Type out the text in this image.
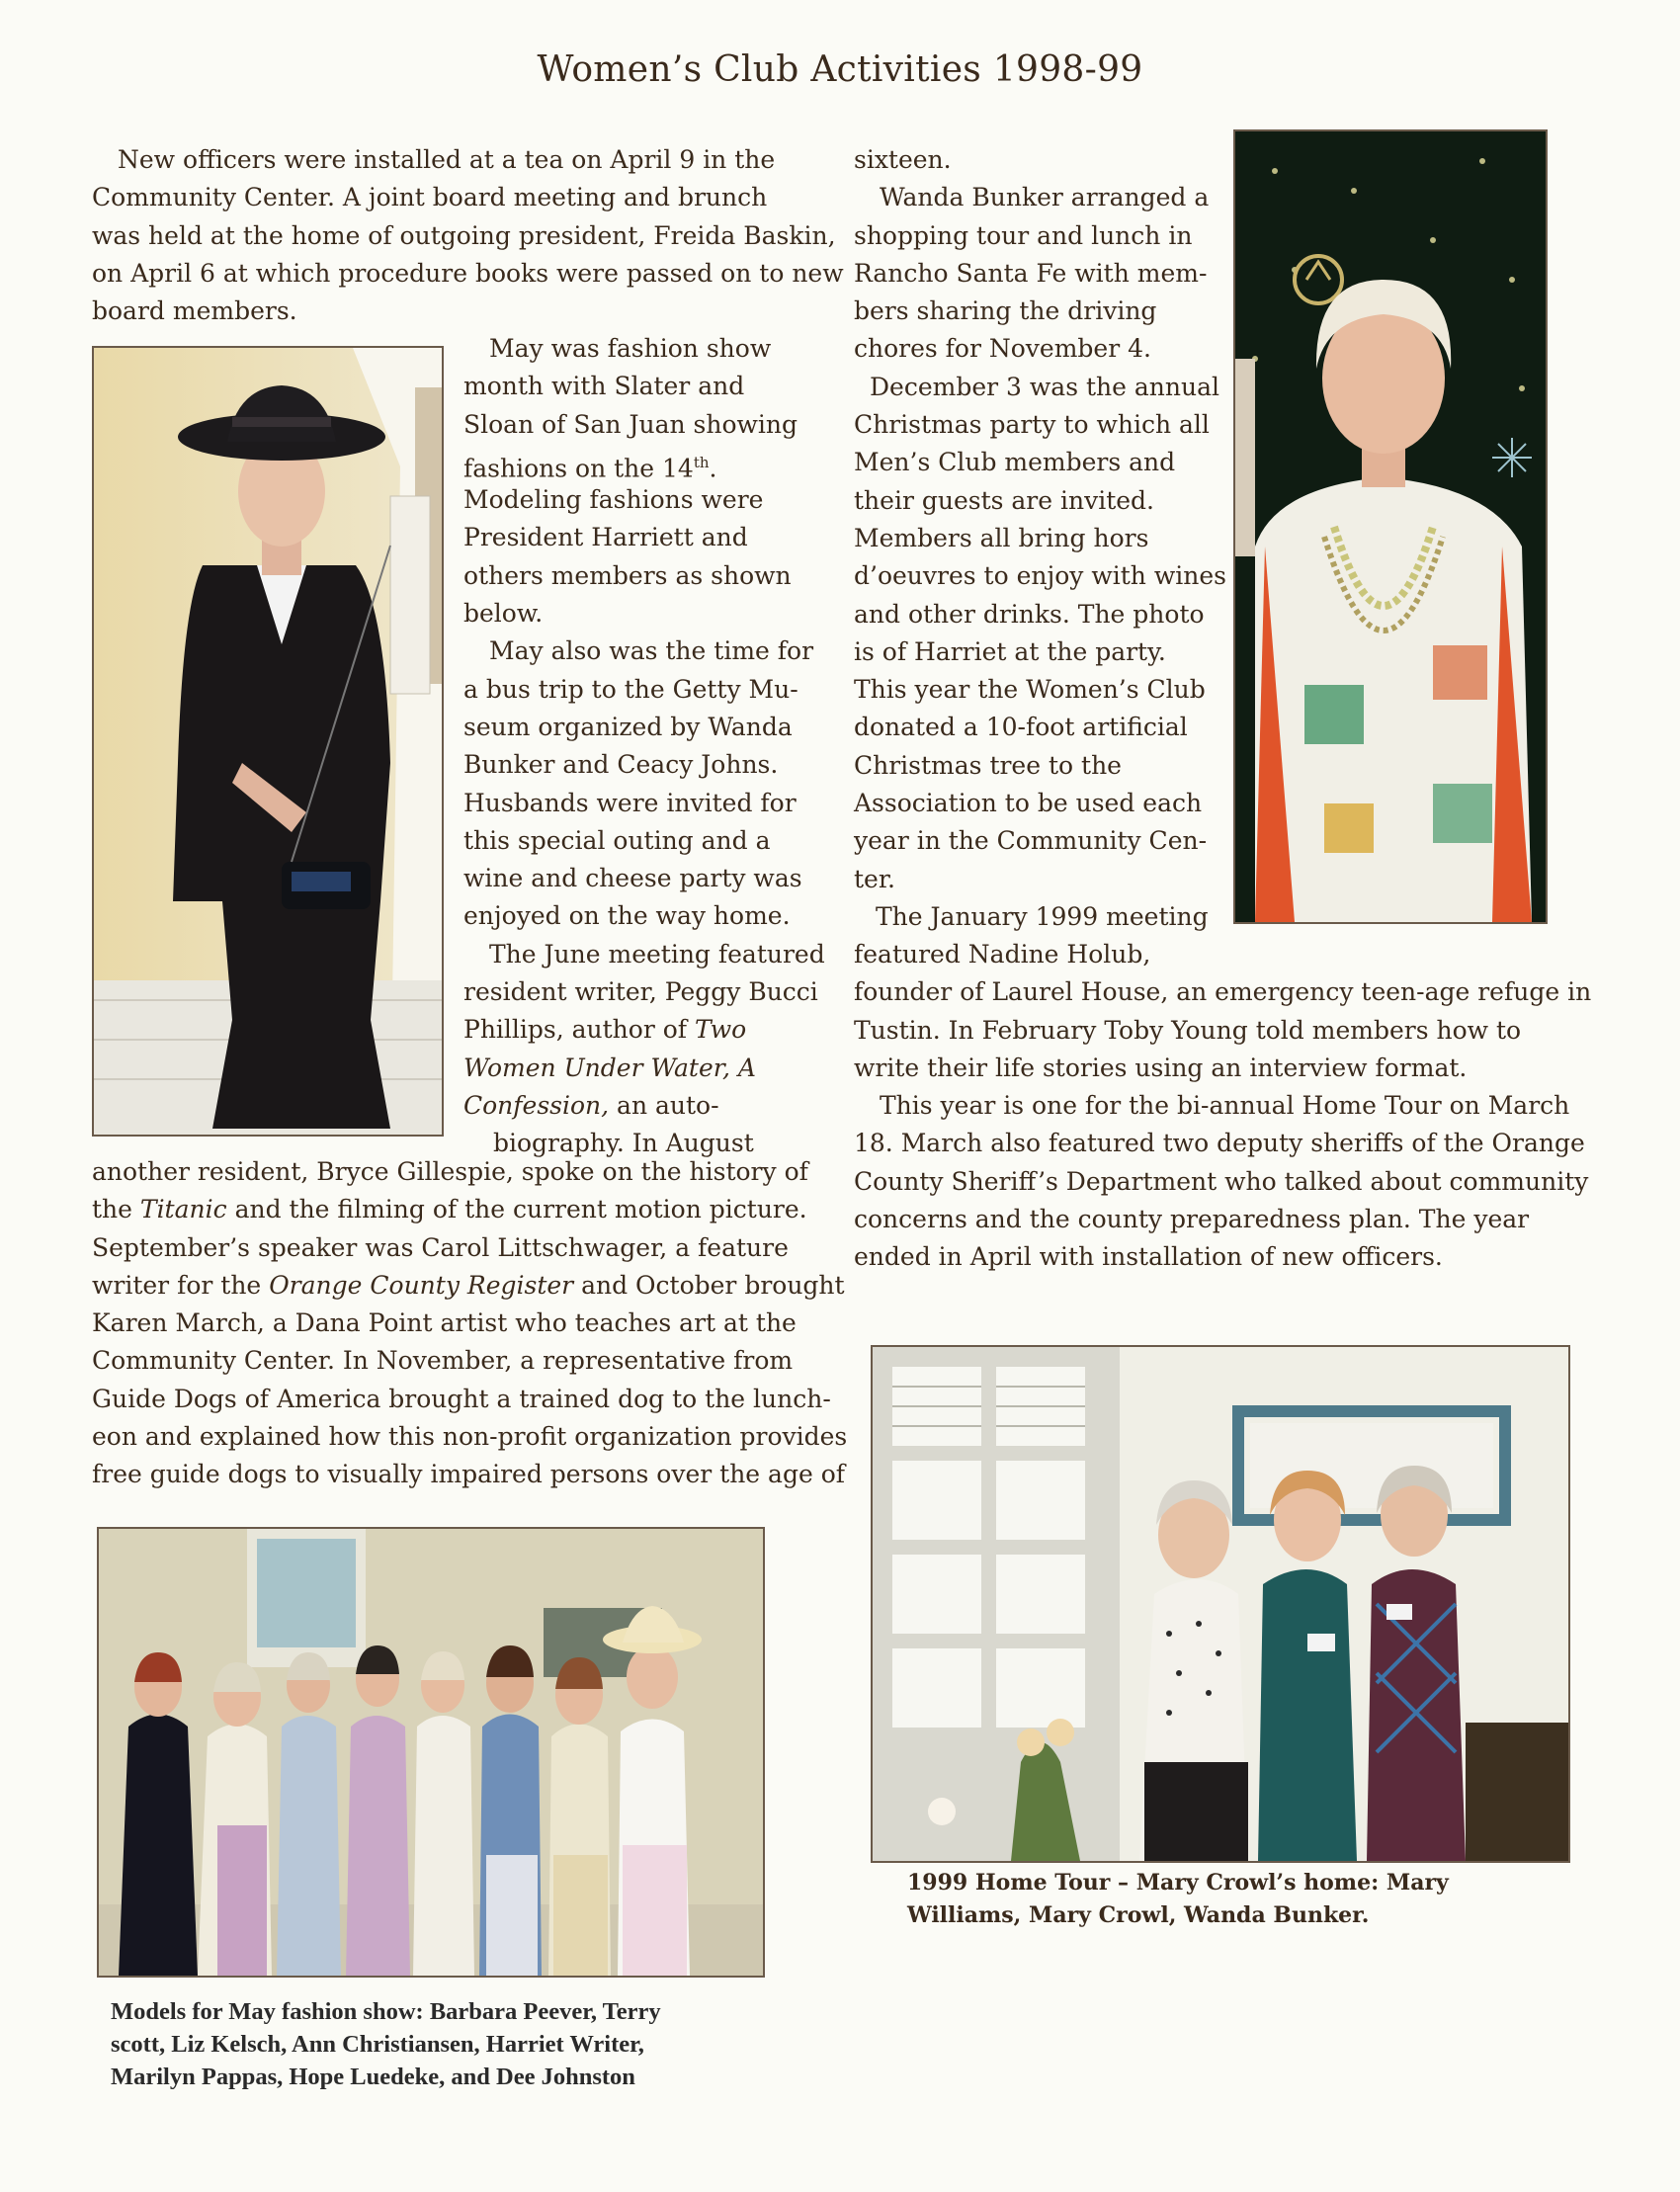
Women’s Club Activities 1998-99
New officers were installed at a tea on April 9 in the
Community Center. A joint board meeting and brunch
was held at the home of outgoing president, Freida Baskin,
on April 6 at which procedure books were passed on to new
board members.
May was fashion show
month with Slater and
Sloan of San Juan showing
fashions on the 14th.
Modeling fashions were
President Harriett and
others members as shown
below.
May also was the time for
a bus trip to the Getty Mu-
seum organized by Wanda
Bunker and Ceacy Johns.
Husbands were invited for
this special outing and a
wine and cheese party was
enjoyed on the way home.
The June meeting featured
resident writer, Peggy Bucci
Phillips, author of Two
Women Under Water, A
Confession, an auto-
biography. In August
another resident, Bryce Gillespie, spoke on the history of
the Titanic and the filming of the current motion picture.
September’s speaker was Carol Littschwager, a feature
writer for the Orange County Register and October brought
Karen March, a Dana Point artist who teaches art at the
Community Center. In November, a representative from
Guide Dogs of America brought a trained dog to the lunch-
eon and explained how this non-profit organization provides
free guide dogs to visually impaired persons over the age of
sixteen.
Wanda Bunker arranged a
shopping tour and lunch in
Rancho Santa Fe with mem-
bers sharing the driving
chores for November 4.
December 3 was the annual
Christmas party to which all
Men’s Club members and
their guests are invited.
Members all bring hors
d’oeuvres to enjoy with wines
and other drinks. The photo
is of Harriet at the party.
This year the Women’s Club
donated a 10-foot artificial
Christmas tree to the
Association to be used each
year in the Community Cen-
ter.
The January 1999 meeting
featured Nadine Holub,
founder of Laurel House, an emergency teen-age refuge in
Tustin. In February Toby Young told members how to
write their life stories using an interview format.
This year is one for the bi-annual Home Tour on March
18. March also featured two deputy sheriffs of the Orange
County Sheriff’s Department who talked about community
concerns and the county preparedness plan. The year
ended in April with installation of new officers.
1999 Home Tour – Mary Crowl’s home: Mary
Williams, Mary Crowl, Wanda Bunker.
Models for May fashion show: Barbara Peever, Terry
scott, Liz Kelsch, Ann Christiansen, Harriet Writer,
Marilyn Pappas, Hope Luedeke, and Dee Johnston
